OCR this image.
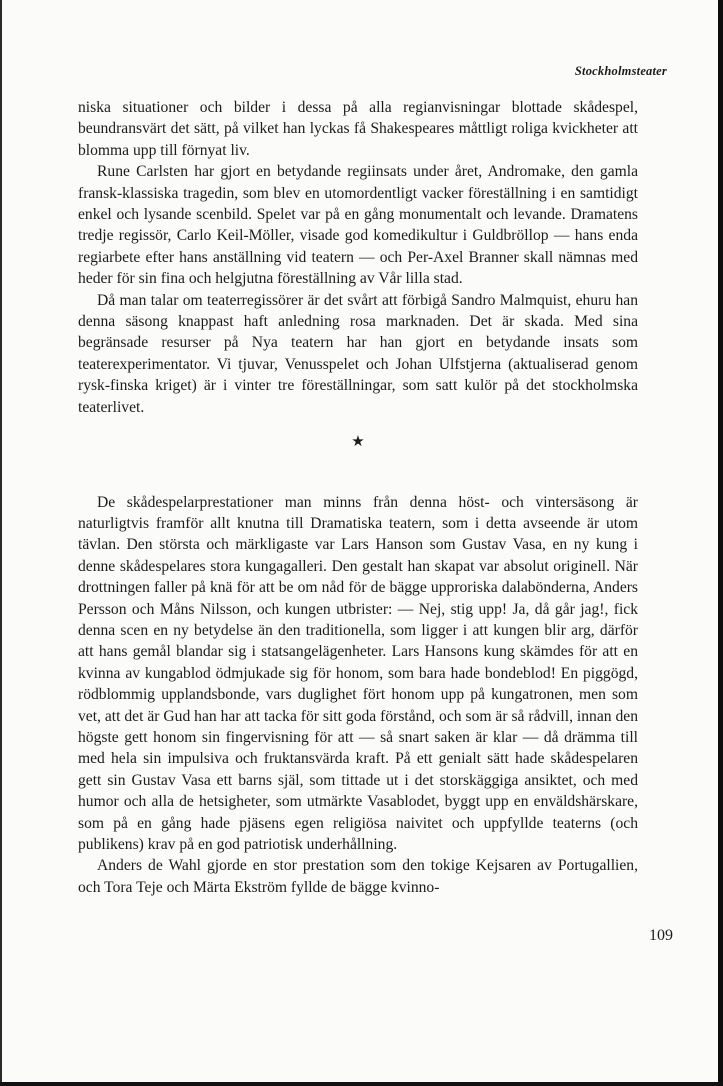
Stockholmsteater

niska situationer och bilder i dessa på alla regianvisningar blottade skådespel, beundransvärt det sätt, på vilket han lyckas få Shakespeares måttligt roliga kvickheter att blomma upp till förnyat liv.

Rune Carlsten har gjort en betydande regiinsats under året, Andromake, den gamla fransk-klassiska tragedin, som blev en utomordentligt vacker föreställning i en samtidigt enkel och lysande scenbild. Spelet var på en gång monumentalt och levande. Dramatens tredje regissör, Carlo Keil-Möller, visade god komedikultur i Guldbröllop — hans enda regiarbete efter hans anställning vid teatern — och Per-Axel Branner skall nämnas med heder för sin fina och helgjutna föreställning av Vår lilla stad.

Då man talar om teaterregissörer är det svårt att förbigå Sandro Malmquist, ehuru han denna säsong knappast haft anledning rosa marknaden. Det är skada. Med sina begränsade resurser på Nya teatern har han gjort en betydande insats som teaterexperimentator. Vi tjuvar, Venusspelet och Johan Ulfstjerna (aktualiserad genom rysk-finska kriget) är i vinter tre föreställningar, som satt kulör på det stockholmska teaterlivet.

★

De skådespelarprestationer man minns från denna höst- och vintersäsong är naturligtvis framför allt knutna till Dramatiska teatern, som i detta avseende är utom tävlan. Den största och märkligaste var Lars Hanson som Gustav Vasa, en ny kung i denne skådespelares stora kungagalleri. Den gestalt han skapat var absolut originell. När drottningen faller på knä för att be om nåd för de bägge upproriska dalabönderna, Anders Persson och Måns Nilsson, och kungen utbrister: — Nej, stig upp! Ja, då går jag!, fick denna scen en ny betydelse än den traditionella, som ligger i att kungen blir arg, därför att hans gemål blandar sig i statsangelägenheter. Lars Hansons kung skämdes för att en kvinna av kungablod ödmjukade sig för honom, som bara hade bondeblod! En piggögd, rödblommig upplandsbonde, vars duglighet fört honom upp på kungatronen, men som vet, att det är Gud han har att tacka för sitt goda förstånd, och som är så rådvill, innan den högste gett honom sin fingervisning för att — så snart saken är klar — då drämma till med hela sin impulsiva och fruktansvärda kraft. På ett genialt sätt hade skådespelaren gett sin Gustav Vasa ett barns själ, som tittade ut i det storskäggiga ansiktet, och med humor och alla de hetsigheter, som utmärkte Vasablodet, byggt upp en enväldshärskare, som på en gång hade pjäsens egen religiösa naivitet och uppfyllde teaterns (och publikens) krav på en god patriotisk underhållning.

Anders de Wahl gjorde en stor prestation som den tokige Kejsaren av Portugallien, och Tora Teje och Märta Ekström fyllde de bägge kvinno-

109
